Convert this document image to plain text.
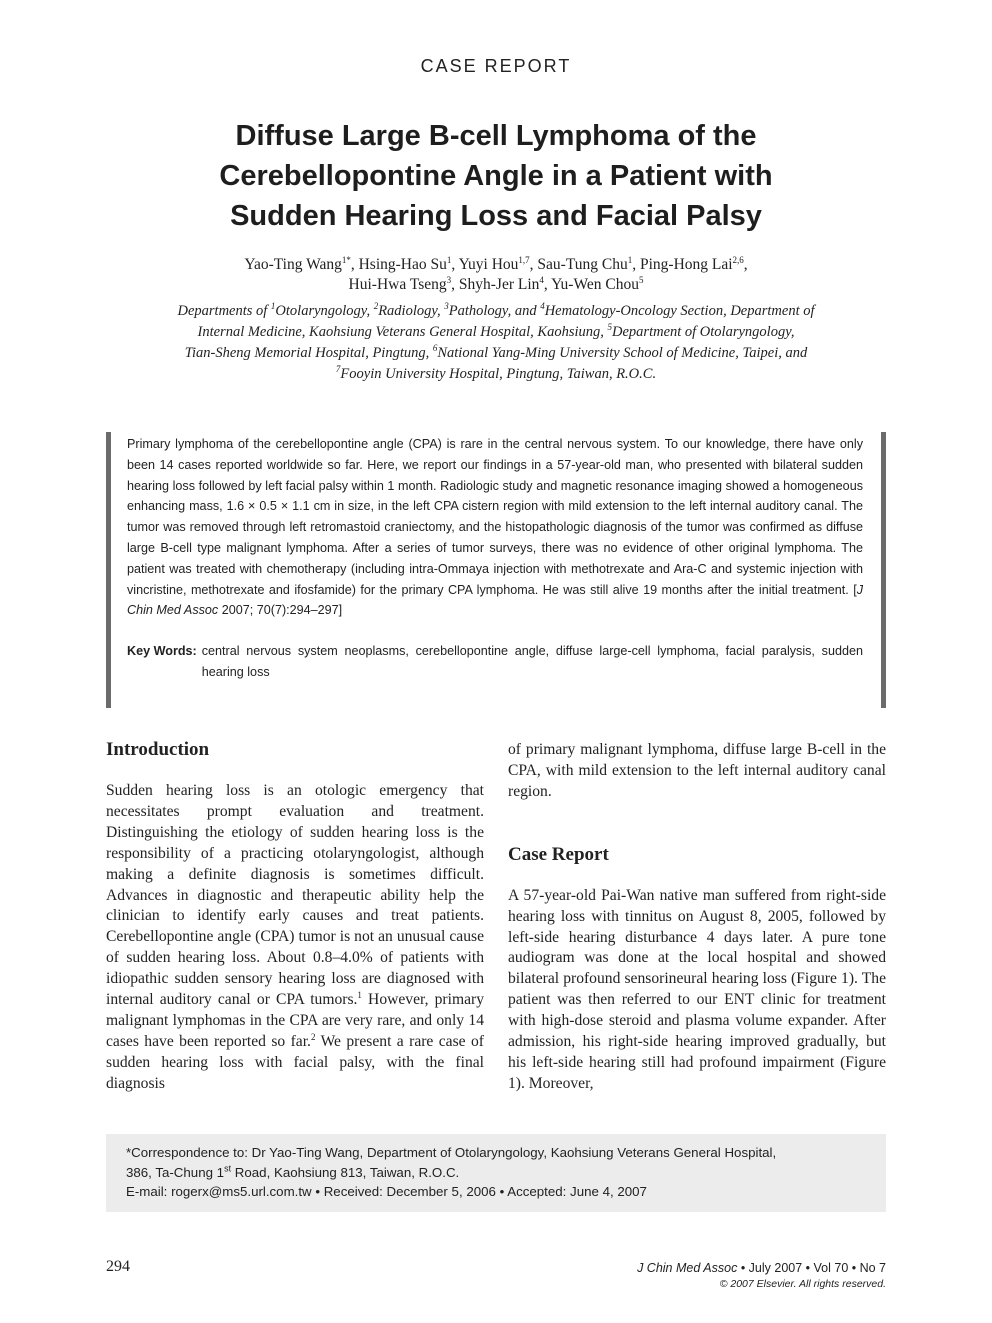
CASE REPORT
Diffuse Large B-cell Lymphoma of the
Cerebellopontine Angle in a Patient with
Sudden Hearing Loss and Facial Palsy
Yao-Ting Wang$^{1*}$, Hsing-Hao Su$^1$, Yuyi Hou$^{1,7}$, Sau-Tung Chu$^1$, Ping-Hong Lai$^{2,6}$,
Hui-Hwa Tseng$^3$, Shyh-Jer Lin$^4$, Yu-Wen Chou$^5$
Departments of $^1$Otolaryngology, $^2$Radiology, $^3$Pathology, and $^4$Hematology-Oncology Section, Department of
Internal Medicine, Kaohsiung Veterans General Hospital, Kaohsiung, $^5$Department of Otolaryngology,
Tian-Sheng Memorial Hospital, Pingtung, $^6$National Yang-Ming University School of Medicine, Taipei, and
$^7$Fooyin University Hospital, Pingtung, Taiwan, R.O.C.
Primary lymphoma of the cerebellopontine angle (CPA) is rare in the central nervous system. To our knowledge, there have only been 14 cases reported worldwide so far. Here, we report our findings in a 57-year-old man, who presented with bilateral sudden hearing loss followed by left facial palsy within 1 month. Radiologic study and magnetic resonance imaging showed a homogeneous enhancing mass, 1.6 × 0.5 × 1.1 cm in size, in the left CPA cistern region with mild extension to the left internal auditory canal. The tumor was removed through left retromastoid craniectomy, and the histopathologic diagnosis of the tumor was confirmed as diffuse large B-cell type malignant lymphoma. After a series of tumor surveys, there was no evidence of other original lymphoma. The patient was treated with chemotherapy (including intra-Ommaya injection with methotrexate and Ara-C and systemic injection with vincristine, methotrexate and ifosfamide) for the primary CPA lymphoma. He was still alive 19 months after the initial treatment. [J Chin Med Assoc 2007; 70(7):294–297]
Key Words: central nervous system neoplasms, cerebellopontine angle, diffuse large-cell lymphoma, facial paralysis, sudden hearing loss
Introduction

Sudden hearing loss is an otologic emergency that necessitates prompt evaluation and treatment. Distinguishing the etiology of sudden hearing loss is the responsibility of a practicing otolaryngologist, although making a definite diagnosis is sometimes difficult. Advances in diagnostic and therapeutic ability help the clinician to identify early causes and treat patients. Cerebellopontine angle (CPA) tumor is not an unusual cause of sudden hearing loss. About 0.8–4.0% of patients with idiopathic sudden sensory hearing loss are diagnosed with internal auditory canal or CPA tumors.$^1$ However, primary malignant lymphomas in the CPA are very rare, and only 14 cases have been reported so far.$^2$ We present a rare case of sudden hearing loss with facial palsy, with the final diagnosis

of primary malignant lymphoma, diffuse large B-cell in the CPA, with mild extension to the left internal auditory canal region.

Case Report

A 57-year-old Pai-Wan native man suffered from right-side hearing loss with tinnitus on August 8, 2005, followed by left-side hearing disturbance 4 days later. A pure tone audiogram was done at the local hospital and showed bilateral profound sensorineural hearing loss (Figure 1). The patient was then referred to our ENT clinic for treatment with high-dose steroid and plasma volume expander. After admission, his right-side hearing improved gradually, but his left-side hearing still had profound impairment (Figure 1). Moreover,

*Correspondence to: Dr Yao-Ting Wang, Department of Otolaryngology, Kaohsiung Veterans General Hospital,
386, Ta-Chung 1st Road, Kaohsiung 813, Taiwan, R.O.C.
E-mail: rogerx@ms5.url.com.tw • Received: December 5, 2006 • Accepted: June 4, 2007
294	J Chin Med Assoc • July 2007 • Vol 70 • No 7
© 2007 Elsevier. All rights reserved.
